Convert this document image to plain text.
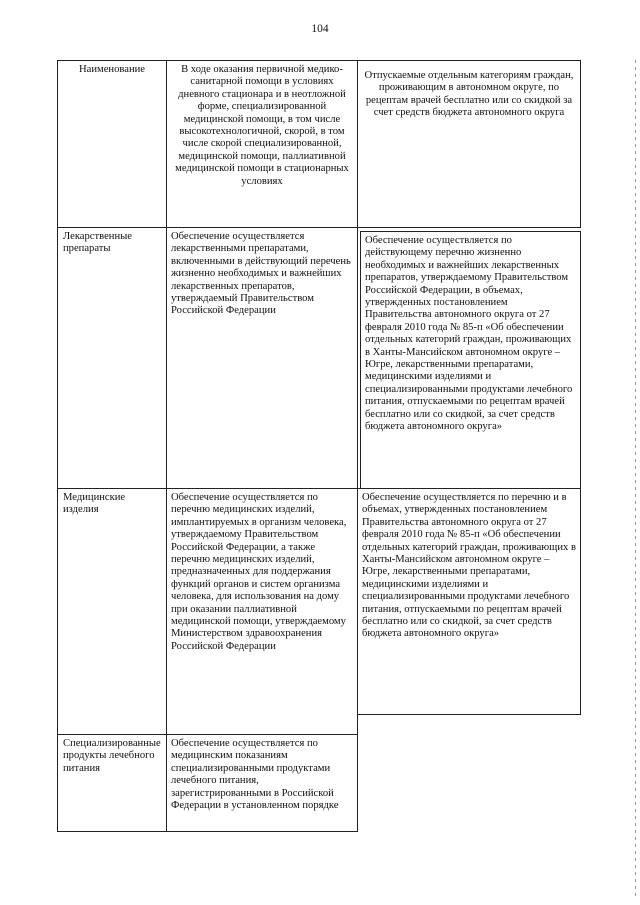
104
Наименование	В ходе оказания первичной медико-санитарной помощи в условиях дневного стационара и в неотложной форме, специализированной медицинской помощи, в том числе высокотехнологичной, скорой, в том числе скорой специализированной, медицинской помощи, паллиативной медицинской помощи в стационарных условиях
Отпускаемые отдельным категориям граждан, проживающим в автономном округе, по рецептам врачей бесплатно или со скидкой за счет средств бюджета автономного округа
Лекарственные препараты
Обеспечение осуществляется лекарственными препаратами, включенными в действующий перечень жизненно необходимых и важнейших лекарственных препаратов, утверждаемый Правительством Российской Федерации
Обеспечение осуществляется по действующему перечню жизненно необходимых и важнейших лекарственных препаратов, утверждаемому Правительством Российской Федерации, в объемах, утвержденных постановлением Правительства автономного округа от 27 февраля 2010 года № 85-п «Об обеспечении отдельных категорий граждан, проживающих в Ханты-Мансийском автономном округе – Югре, лекарственными препаратами, медицинскими изделиями и специализированными продуктами лечебного питания, отпускаемыми по рецептам врачей бесплатно или со скидкой, за счет средств бюджета автономного округа»
Медицинские изделия
Обеспечение осуществляется по перечню медицинских изделий, имплантируемых в организм человека, утверждаемому Правительством Российской Федерации, а также перечню медицинских изделий, предназначенных для поддержания функций органов и систем организма человека, для использования на дому при оказании паллиативной медицинской помощи, утверждаемому Министерством здравоохранения Российской Федерации
Обеспечение осуществляется по перечню и в объемах, утвержденных постановлением Правительства автономного округа от 27 февраля 2010 года № 85-п «Об обеспечении отдельных категорий граждан, проживающих в Ханты-Мансийском автономном округе – Югре, лекарственными препаратами, медицинскими изделиями и специализированными продуктами лечебного питания, отпускаемыми по рецептам врачей бесплатно или со скидкой, за счет средств бюджета автономного округа»
Специализированные продукты лечебного питания
Обеспечение осуществляется по медицинским показаниям специализированными продуктами лечебного питания, зарегистрированными в Российской Федерации в установленном порядке
